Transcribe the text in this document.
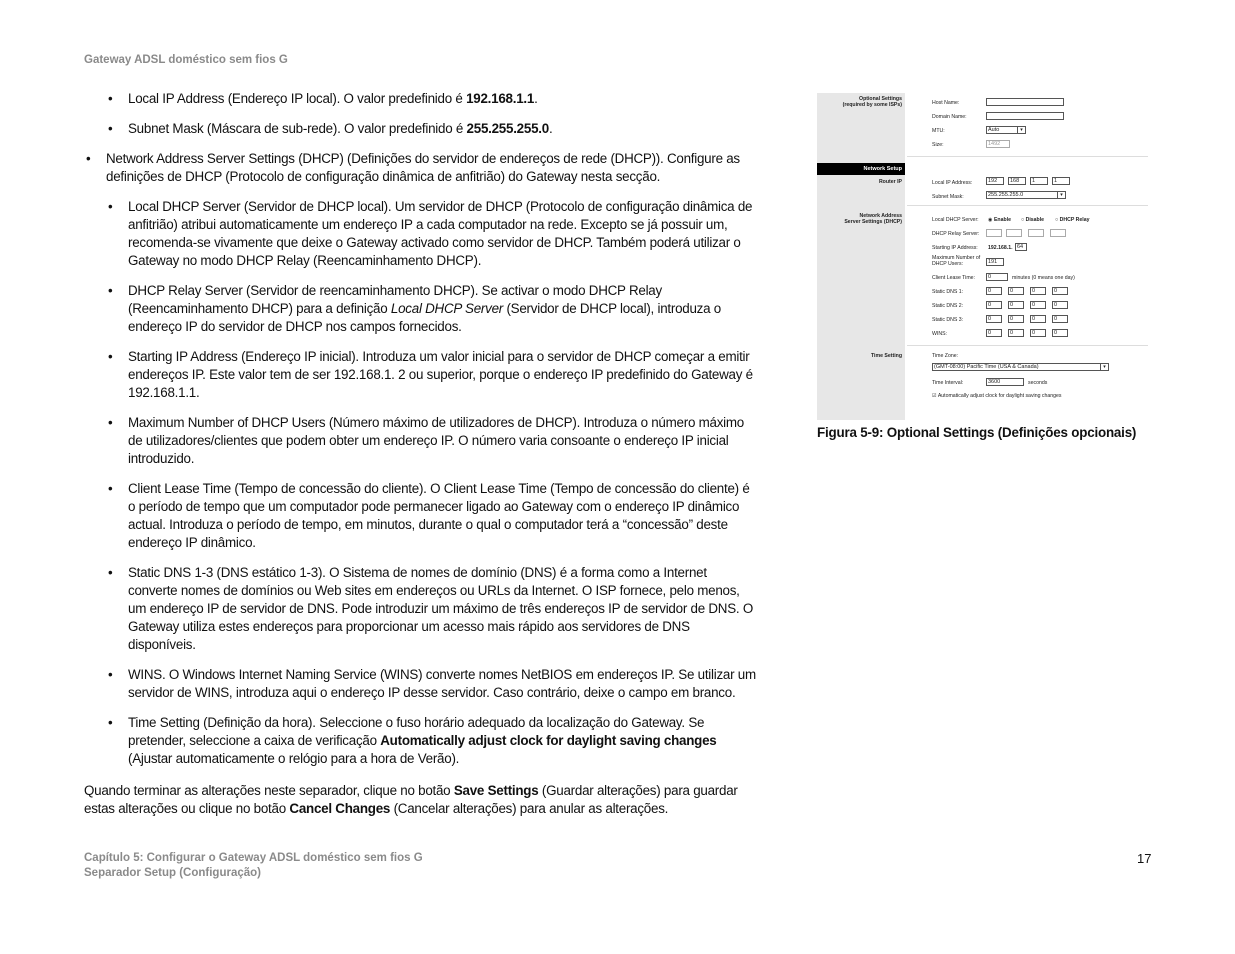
Gateway ADSL doméstico sem fios G
• Local IP Address (Endereço IP local). O valor predefinido é 192.168.1.1.
• Subnet Mask (Máscara de sub-rede). O valor predefinido é 255.255.255.0.
• Network Address Server Settings (DHCP) (Definições do servidor de endereços de rede (DHCP)). Configure as definições de DHCP (Protocolo de configuração dinâmica de anfitrião) do Gateway nesta secção.
• Local DHCP Server (Servidor de DHCP local). Um servidor de DHCP (Protocolo de configuração dinâmica de anfitrião) atribui automaticamente um endereço IP a cada computador na rede. Excepto se já possuir um, recomenda-se vivamente que deixe o Gateway activado como servidor de DHCP. Também poderá utilizar o Gateway no modo DHCP Relay (Reencaminhamento DHCP).
• DHCP Relay Server (Servidor de reencaminhamento DHCP). Se activar o modo DHCP Relay (Reencaminhamento DHCP) para a definição Local DHCP Server (Servidor de DHCP local), introduza o endereço IP do servidor de DHCP nos campos fornecidos.
• Starting IP Address (Endereço IP inicial). Introduza um valor inicial para o servidor de DHCP começar a emitir endereços IP. Este valor tem de ser 192.168.1. 2 ou superior, porque o endereço IP predefinido do Gateway é 192.168.1.1.
• Maximum Number of DHCP Users (Número máximo de utilizadores de DHCP). Introduza o número máximo de utilizadores/clientes que podem obter um endereço IP. O número varia consoante o endereço IP inicial introduzido.
• Client Lease Time (Tempo de concessão do cliente). O Client Lease Time (Tempo de concessão do cliente) é o período de tempo que um computador pode permanecer ligado ao Gateway com o endereço IP dinâmico actual. Introduza o período de tempo, em minutos, durante o qual o computador terá a “concessão” deste endereço IP dinâmico.
• Static DNS 1-3 (DNS estático 1-3). O Sistema de nomes de domínio (DNS) é a forma como a Internet converte nomes de domínios ou Web sites em endereços ou URLs da Internet. O ISP fornece, pelo menos, um endereço IP de servidor de DNS. Pode introduzir um máximo de três endereços IP de servidor de DNS. O Gateway utiliza estes endereços para proporcionar um acesso mais rápido aos servidores de DNS disponíveis.
• WINS. O Windows Internet Naming Service (WINS) converte nomes NetBIOS em endereços IP. Se utilizar um servidor de WINS, introduza aqui o endereço IP desse servidor. Caso contrário, deixe o campo em branco.
• Time Setting (Definição da hora). Seleccione o fuso horário adequado da localização do Gateway. Se pretender, seleccione a caixa de verificação Automatically adjust clock for daylight saving changes (Ajustar automaticamente o relógio para a hora de Verão).
Quando terminar as alterações neste separador, clique no botão Save Settings (Guardar alterações) para guardar estas alterações ou clique no botão Cancel Changes (Cancelar alterações) para anular as alterações.
Network Setup
Optional Settings
(required by some ISPs)
Router IP
Network Address
Server Settings (DHCP)
Time Setting
Host Name:
Domain Name:
MTU:	Auto	▾
Size:	1492
Local IP Address:	192	168	1	1
Subnet Mask:	255.255.255.0	▾
Local DHCP Server: ◉ Enable ○ Disable ○ DHCP Relay
DHCP Relay Server:
Starting IP Address: 192.168.1. 64
Maximum Number of
DHCP Users:	191
Client Lease Time:	0	minutes (0 means one day)
Static DNS 1:	0	0	0	0
Static DNS 2:	0	0	0	0
Static DNS 3:	0	0	0	0
WINS:	0	0	0	0
Time Zone:
(GMT-08:00) Pacific Time (USA & Canada)	▾
Time Interval:	3600	seconds
☑ Automatically adjust clock for daylight saving changes
Figura 5-9: Optional Settings (Definições opcionais)
Capítulo 5: Configurar o Gateway ADSL doméstico sem fios G
Separador Setup (Configuração)
17
